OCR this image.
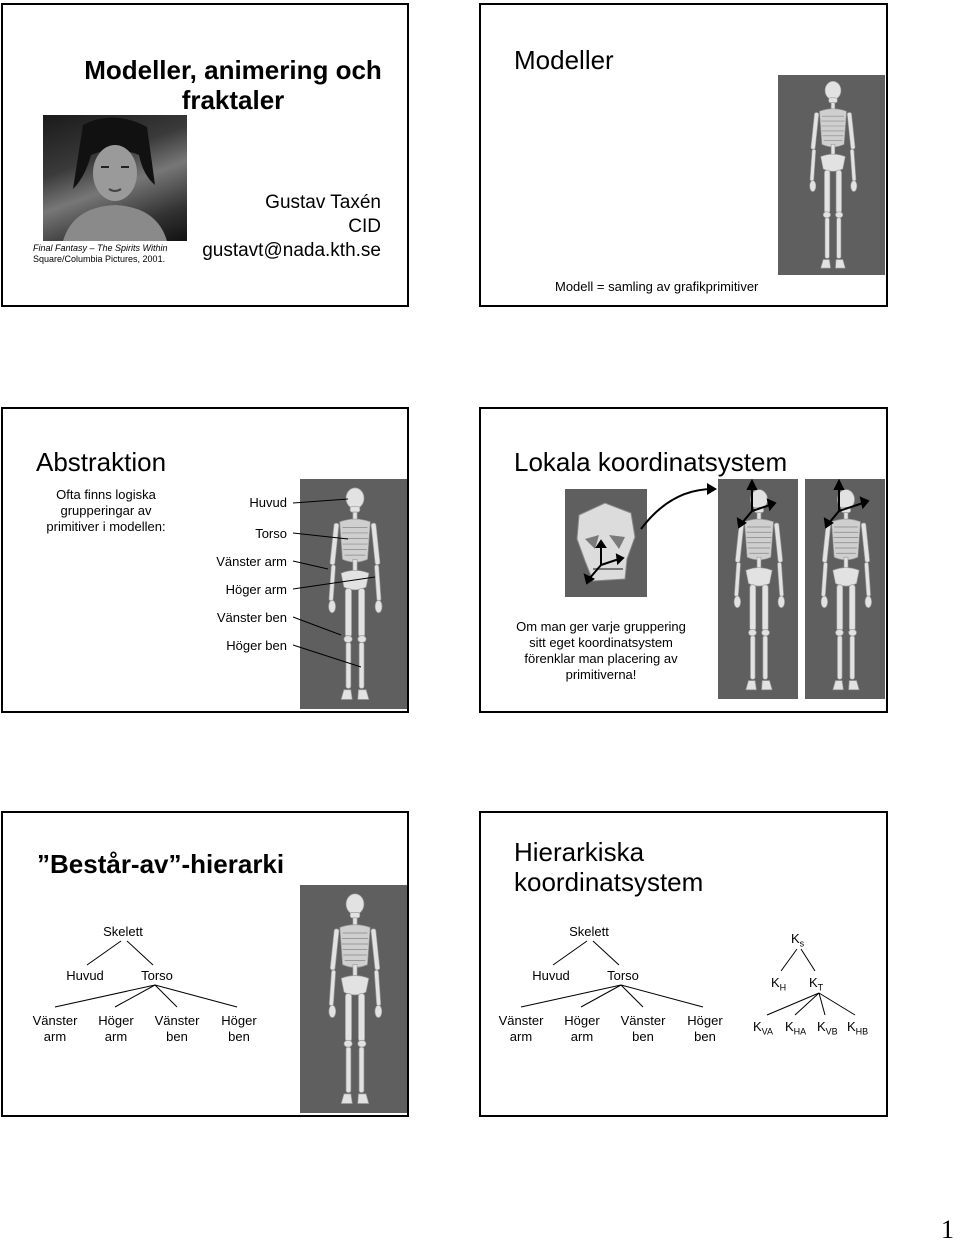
Modeller, animering och
fraktaler
Final Fantasy – The Spirits Within
Square/Columbia Pictures, 2001.
Gustav Taxén
CID
gustavt@nada.kth.se
Modeller
Modell = samling av grafikprimitiver
Abstraktion
Ofta finns logiska
grupperingar av
primitiver i modellen:
Huvud
Torso
Vänster arm
Höger arm
Vänster ben
Höger ben
Lokala koordinatsystem
Om man ger varje gruppering
sitt eget koordinatsystem
förenklar man placering av
primitiverna!
”Består-av”-hierarki
Skelett
Huvud	Torso
Vänster
arm
Höger
arm
Vänster
ben
Höger
ben
Hierarkiska
koordinatsystem
Skelett
Huvud	Torso
Vänster
arm
Höger
arm
Vänster
ben
Höger
ben
$K_s$
$K_H$ $K_T$
$K_{VA}$ $K_{HA}$ $K_{VB}$ $K_{HB}$
1
